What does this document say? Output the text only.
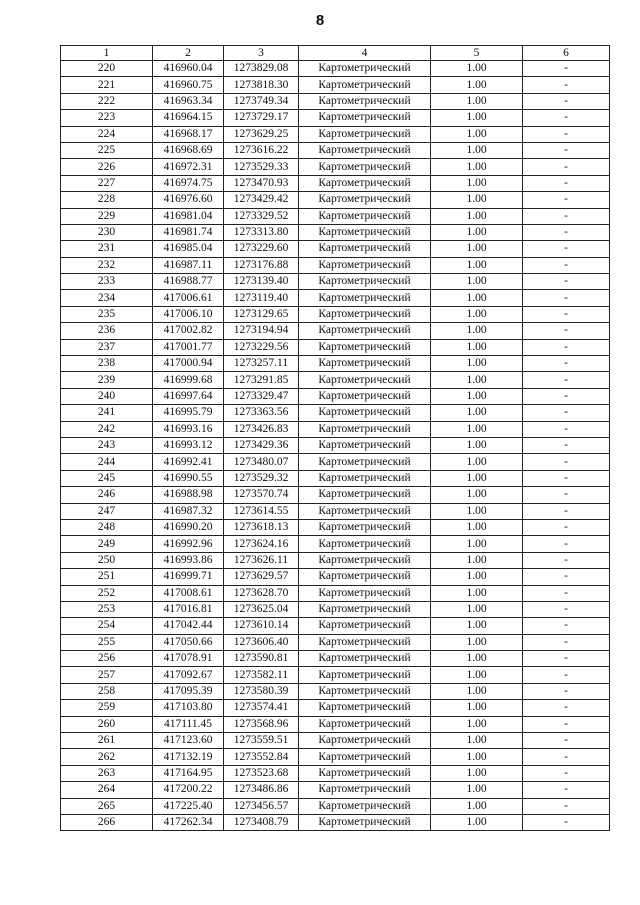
8
1	2	3	4	5	6
220	416960.04	1273829.08	Картометрический	1.00	-
221	416960.75	1273818.30	Картометрический	1.00	-
222	416963.34	1273749.34	Картометрический	1.00	-
223	416964.15	1273729.17	Картометрический	1.00	-
224	416968.17	1273629.25	Картометрический	1.00	-
225	416968.69	1273616.22	Картометрический	1.00	-
226	416972.31	1273529.33	Картометрический	1.00	-
227	416974.75	1273470.93	Картометрический	1.00	-
228	416976.60	1273429.42	Картометрический	1.00	-
229	416981.04	1273329.52	Картометрический	1.00	-
230	416981.74	1273313.80	Картометрический	1.00	-
231	416985.04	1273229.60	Картометрический	1.00	-
232	416987.11	1273176.88	Картометрический	1.00	-
233	416988.77	1273139.40	Картометрический	1.00	-
234	417006.61	1273119.40	Картометрический	1.00	-
235	417006.10	1273129.65	Картометрический	1.00	-
236	417002.82	1273194.94	Картометрический	1.00	-
237	417001.77	1273229.56	Картометрический	1.00	-
238	417000.94	1273257.11	Картометрический	1.00	-
239	416999.68	1273291.85	Картометрический	1.00	-
240	416997.64	1273329.47	Картометрический	1.00	-
241	416995.79	1273363.56	Картометрический	1.00	-
242	416993.16	1273426.83	Картометрический	1.00	-
243	416993.12	1273429.36	Картометрический	1.00	-
244	416992.41	1273480.07	Картометрический	1.00	-
245	416990.55	1273529.32	Картометрический	1.00	-
246	416988.98	1273570.74	Картометрический	1.00	-
247	416987.32	1273614.55	Картометрический	1.00	-
248	416990.20	1273618.13	Картометрический	1.00	-
249	416992.96	1273624.16	Картометрический	1.00	-
250	416993.86	1273626.11	Картометрический	1.00	-
251	416999.71	1273629.57	Картометрический	1.00	-
252	417008.61	1273628.70	Картометрический	1.00	-
253	417016.81	1273625.04	Картометрический	1.00	-
254	417042.44	1273610.14	Картометрический	1.00	-
255	417050.66	1273606.40	Картометрический	1.00	-
256	417078.91	1273590.81	Картометрический	1.00	-
257	417092.67	1273582.11	Картометрический	1.00	-
258	417095.39	1273580.39	Картометрический	1.00	-
259	417103.80	1273574.41	Картометрический	1.00	-
260	417111.45	1273568.96	Картометрический	1.00	-
261	417123.60	1273559.51	Картометрический	1.00	-
262	417132.19	1273552.84	Картометрический	1.00	-
263	417164.95	1273523.68	Картометрический	1.00	-
264	417200.22	1273486.86	Картометрический	1.00	-
265	417225.40	1273456.57	Картометрический	1.00	-
266	417262.34	1273408.79	Картометрический	1.00	-
